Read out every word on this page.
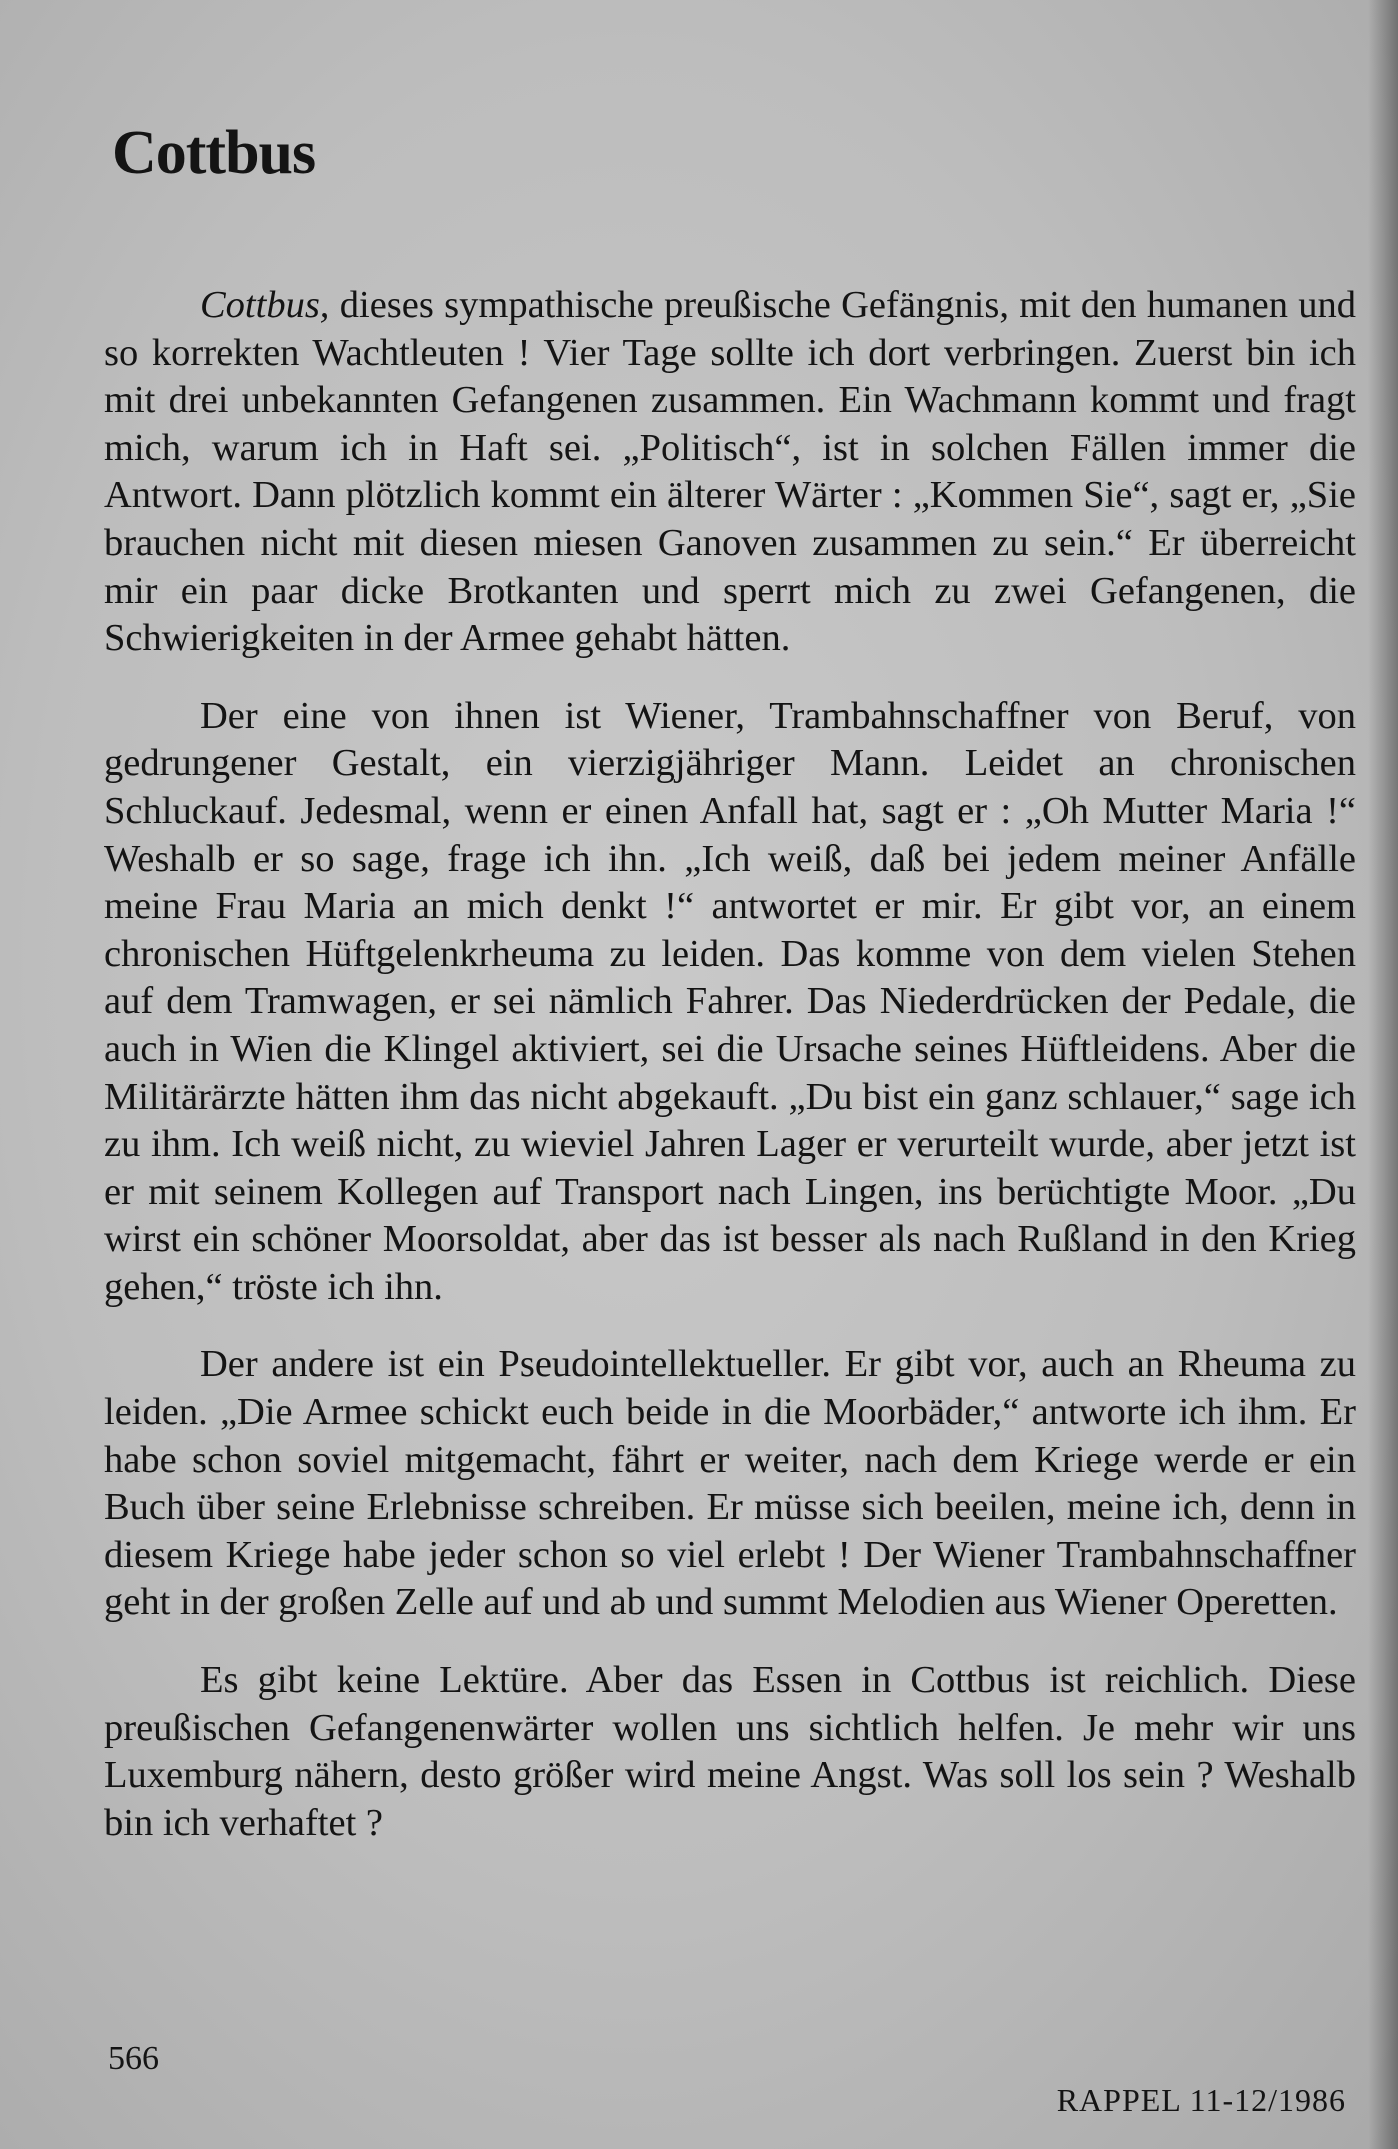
Cottbus

Cottbus, dieses sympathische preußische Gefängnis, mit den humanen und so korrekten Wachtleuten ! Vier Tage sollte ich dort verbringen. Zuerst bin ich mit drei unbekannten Gefangenen zusammen. Ein Wachmann kommt und fragt mich, warum ich in Haft sei. „Politisch“, ist in solchen Fällen immer die Antwort. Dann plötzlich kommt ein älterer Wärter : „Kommen Sie“, sagt er, „Sie brauchen nicht mit diesen miesen Ganoven zusammen zu sein.“ Er überreicht mir ein paar dicke Brotkanten und sperrt mich zu zwei Gefangenen, die Schwierigkeiten in der Armee gehabt hätten.

Der eine von ihnen ist Wiener, Trambahnschaffner von Beruf, von gedrungener Gestalt, ein vierzigjähriger Mann. Leidet an chronischen Schluckauf. Jedesmal, wenn er einen Anfall hat, sagt er : „Oh Mutter Maria !“ Weshalb er so sage, frage ich ihn. „Ich weiß, daß bei jedem meiner Anfälle meine Frau Maria an mich denkt !“ antwortet er mir. Er gibt vor, an einem chronischen Hüftgelenkrheuma zu leiden. Das komme von dem vielen Stehen auf dem Tramwagen, er sei nämlich Fahrer. Das Niederdrücken der Pedale, die auch in Wien die Klingel aktiviert, sei die Ursache seines Hüftleidens. Aber die Militärärzte hätten ihm das nicht abgekauft. „Du bist ein ganz schlauer,“ sage ich zu ihm. Ich weiß nicht, zu wieviel Jahren Lager er verurteilt wurde, aber jetzt ist er mit seinem Kollegen auf Transport nach Lingen, ins berüchtigte Moor. „Du wirst ein schöner Moorsoldat, aber das ist besser als nach Rußland in den Krieg gehen,“ tröste ich ihn.

Der andere ist ein Pseudointellektueller. Er gibt vor, auch an Rheuma zu leiden. „Die Armee schickt euch beide in die Moorbäder,“ antworte ich ihm. Er habe schon soviel mitgemacht, fährt er weiter, nach dem Kriege werde er ein Buch über seine Erlebnisse schreiben. Er müsse sich beeilen, meine ich, denn in diesem Kriege habe jeder schon so viel erlebt ! Der Wiener Trambahnschaffner geht in der großen Zelle auf und ab und summt Melodien aus Wiener Operetten.

Es gibt keine Lektüre. Aber das Essen in Cottbus ist reichlich. Diese preußischen Gefangenenwärter wollen uns sichtlich helfen. Je mehr wir uns Luxemburg nähern, desto größer wird meine Angst. Was soll los sein ? Weshalb bin ich verhaftet ?

566

RAPPEL 11-12/1986
